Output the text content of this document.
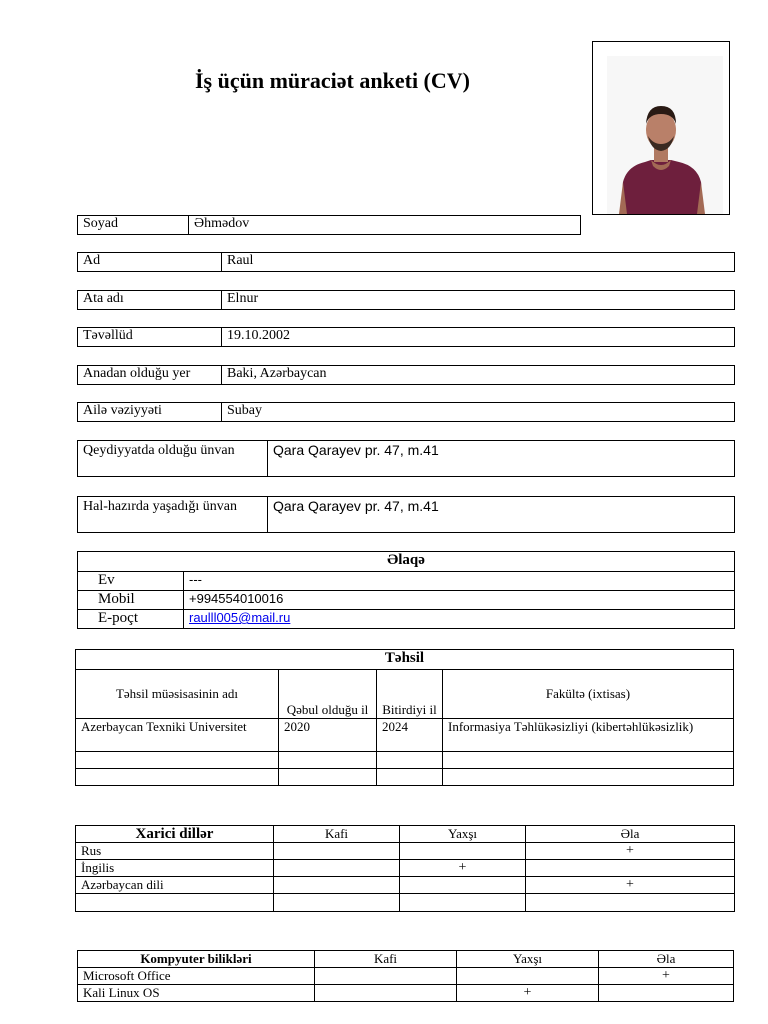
İş üçün müraciət anketi (CV)
Soyad	Əhmədov
Ad	Raul
Ata adı	Elnur
Təvəllüd	19.10.2002
Anadan olduğu yer	Baki, Azərbaycan
Ailə vəziyyəti	Subay
Qeydiyyatda olduğu ünvan	Qara Qarayev pr. 47, m.41
Hal-hazırda yaşadığı ünvan	Qara Qarayev pr. 47, m.41
Əlaqə	
Ev	---
Mobil	+994554010016
E-poçt	raulll005@mail.ru
Təhsil			
Təhsil müəsisasinin adı	Qəbul olduğu il	Bitirdiyi il	Fakültə (ixtisas)
Azerbaycan Texniki Universitet	2020	2024	Informasiya Təhlükəsizliyi (kibertəhlükəsizlik)

Xarici dillər	Kafi	Yaxşı	Əla
Rus			+
İngilis		+	
Azərbaycan dili			+

Kompyuter bilikləri	Kafi	Yaxşı	Əla
Microsoft Office			+
Kali Linux OS		+	
